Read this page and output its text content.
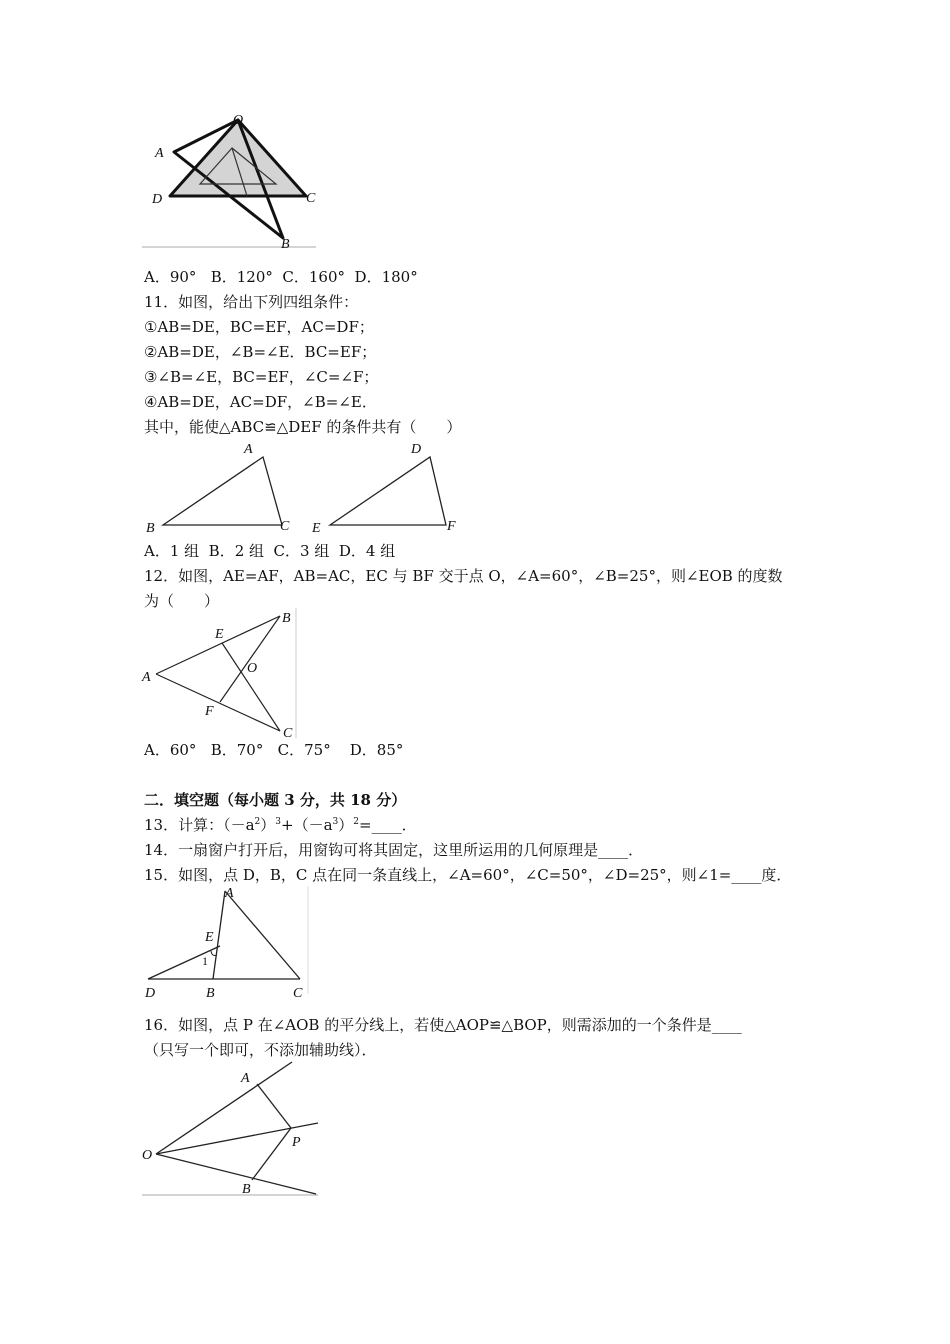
O
A
D	C
B
A．90°   B．120°  C．160°  D．180°
11．如图，给出下列四组条件：
①AB=DE，BC=EF，AC=DF；
②AB=DE，∠B=∠E．BC=EF；
③∠B=∠E，BC=EF，∠C=∠F；
④AB=DE，AC=DF，∠B=∠E．
其中，能使△ABC≌△DEF 的条件共有（　　）
A
B	C
D
E	F
A．1 组  B．2 组  C．3 组  D．4 组
12．如图，AE=AF，AB=AC，EC 与 BF 交于点 O，∠A=60°，∠B=25°，则∠EOB 的度数
为（　　）
A
B
C
E
F
O
A．60°   B．70°   C．75°    D．85°
二．填空题（每小题 3 分，共 18 分）
13．计算：$(-a^2)^3+(-a^3)^2=\_\_\_\_$．
14．一扇窗户打开后，用窗钩可将其固定，这里所运用的几何原理是____．
15．如图，点 D，B，C 点在同一条直线上，∠A=60°，∠C=50°，∠D=25°，则∠1=____度．
A
E
1
D	B	C
16．如图，点 P 在∠AOB 的平分线上，若使△AOP≌△BOP，则需添加的一个条件是____
（只写一个即可，不添加辅助线）．
A
O
P
B
